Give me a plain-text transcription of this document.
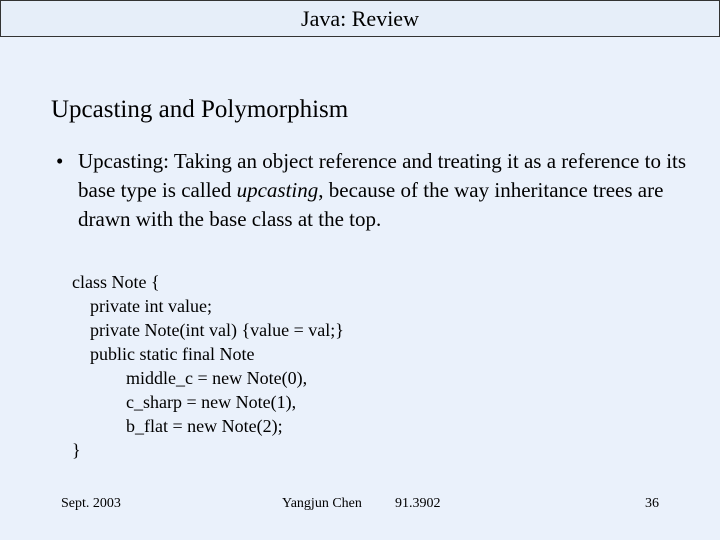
Java: Review
Upcasting and Polymorphism
• Upcasting: Taking an object reference and treating it as a reference to its base type is called upcasting, because of the way inheritance trees are drawn with the base class at the top.
class Note {
private int value;
private Note(int val) {value = val;}
public static final Note
middle_c = new Note(0),
c_sharp = new Note(1),
b_flat = new Note(2);
}
Sept. 2003	Yangjun Chen 91.3902	36
